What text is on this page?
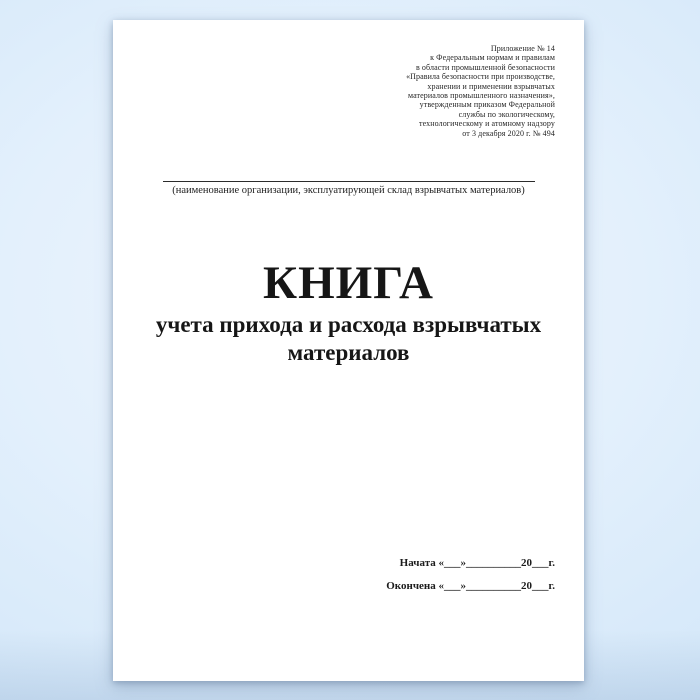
Приложение № 14
к Федеральным нормам и правилам
в области промышленной безопасности
«Правила безопасности при производстве,
хранении и применении взрывчатых
материалов промышленного назначения»,
утвержденным приказом Федеральной
службы по экологическому,
технологическому и атомному надзору
от 3 декабря 2020 г. № 494
(наименование организации, эксплуатирующей склад взрывчатых материалов)
КНИГА
учета прихода и расхода взрывчатых
материалов
Начата «___»__________20___г.
Окончена «___»__________20___г.
